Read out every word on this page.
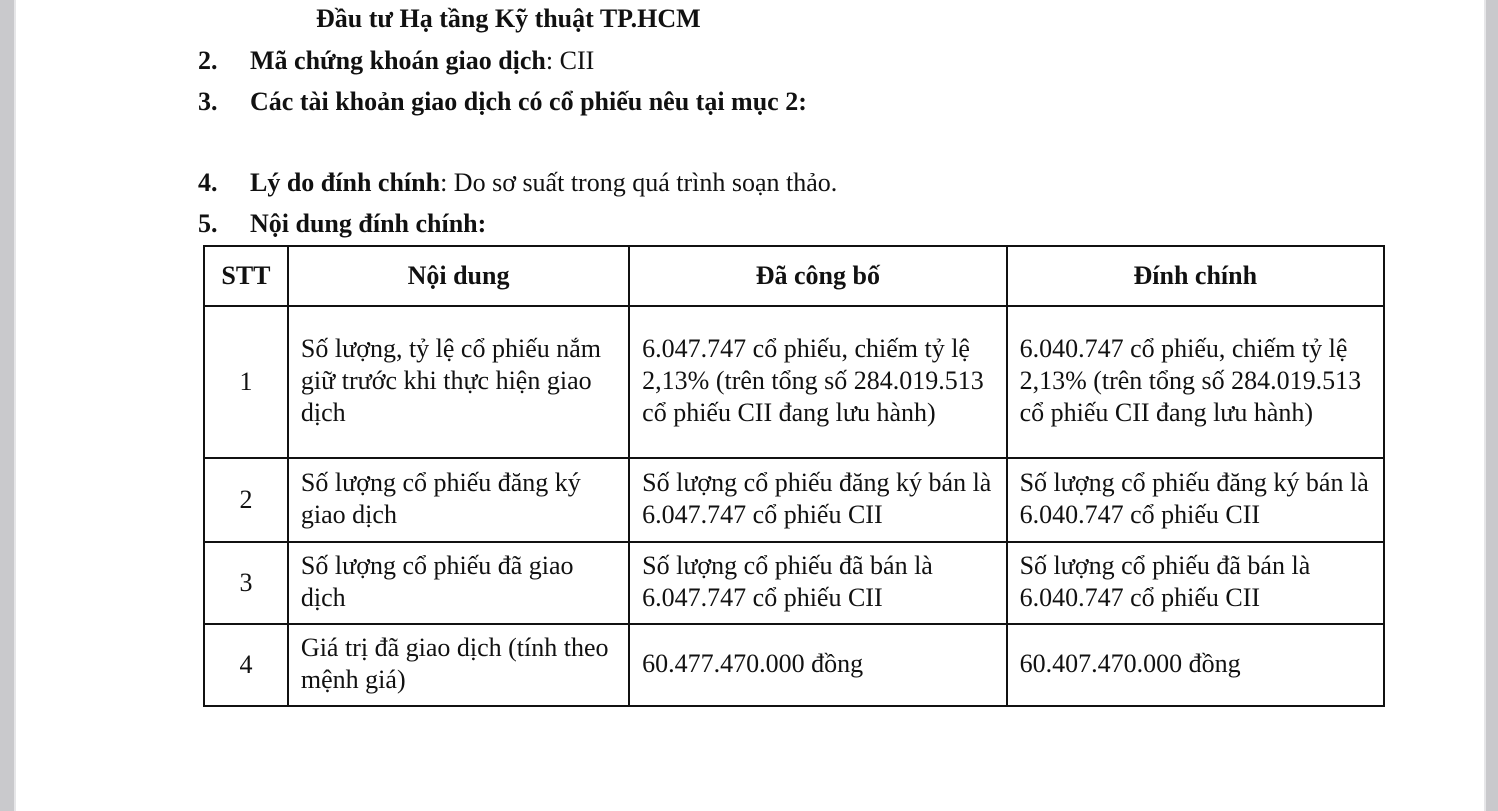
Đầu tư Hạ tầng Kỹ thuật TP.HCM
2. Mã chứng khoán giao dịch: CII
3. Các tài khoản giao dịch có cổ phiếu nêu tại mục 2:
4. Lý do đính chính: Do sơ suất trong quá trình soạn thảo.
5. Nội dung đính chính:
STT	Nội dung	Đã công bố	Đính chính
1	Số lượng, tỷ lệ cổ phiếu nắm giữ trước khi thực hiện giao dịch	6.047.747 cổ phiếu, chiếm tỷ lệ 2,13% (trên tổng số 284.019.513 cổ phiếu CII đang lưu hành)	6.040.747 cổ phiếu, chiếm tỷ lệ 2,13% (trên tổng số 284.019.513 cổ phiếu CII đang lưu hành)
2	Số lượng cổ phiếu đăng ký giao dịch	Số lượng cổ phiếu đăng ký bán là 6.047.747 cổ phiếu CII	Số lượng cổ phiếu đăng ký bán là 6.040.747 cổ phiếu CII
3	Số lượng cổ phiếu đã giao dịch	Số lượng cổ phiếu đã bán là 6.047.747 cổ phiếu CII	Số lượng cổ phiếu đã bán là 6.040.747 cổ phiếu CII
4	Giá trị đã giao dịch (tính theo mệnh giá)	60.477.470.000 đồng	60.407.470.000 đồng
